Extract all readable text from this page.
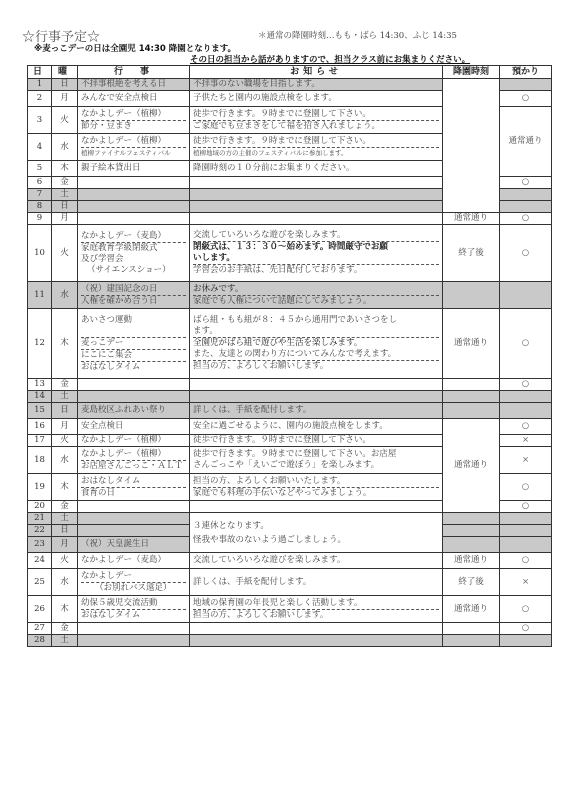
☆行事予定☆	＊通常の降園時刻…もも・ばら 14:30、ふじ 14:35
※麦っこデーの日は全園児 14:30 降園となります。
その日の担当から話がありますので、担当クラス前にお集まりください。
日	曜	行　事	お知らせ	降園時刻	預かり	
1	日	不拝事根絶を考える日	不拝事のない職場を目指します。			

2	月	みんなで安全点検日	子供たちと園内の施設点検をします。		○	
3	火	なかよしデー（植柳）
節分・豆まき	徒歩で行きます。９時までに登園して下さい。
ご家庭でも豆まきをして福を招き入れましょう。		通常通り	
4	水	なかよしデー（植柳）
植柳ファイナルフェスティバル	徒歩で行きます。９時までに登園して下さい。
植柳地域の方の主催のフェスティバルに参加します。

5	木	親子絵本貸出日	降園時刻の１０分前にお集まりください。

6	金				○	
7	土					
8	日					
9	月			通常通り	○	
10	火	なかよしデー（麦島）
家庭教育学級閉級式
及び学習会
（サイエンスショー）	交流していろいろな遊びを楽しみます。
閉級式は、１３：３０～始めます。時間厳守でお願
いします。
学習会のお手紙は、先日配付しております。	終了後	○	
11	水	（祝）建国記念の日
人権を確かめ合う日	お休みです。
家庭でも人権について話題にしてみましょう。			

12	木	あいさつ運動

麦っこデー
にこにこ集会
おはなしタイム	ばら組・もも組が８：４５から通用門であいさつをし
ます。
全園児がばら組で遊びや生活を楽しみます。
また、友達との関わり方についてみんなで考えます。
担当の方、よろしくお願いします。	通常通り	○	
13	金				○	
14	土					
15	日	麦島校区ふれあい祭り	詳しくは、手紙を配付します。			

16	月	安全点検日	安全に過ごせるように、園内の施設点検をします。	通常通り	○	
17	火	なかよしデー（植柳）	徒歩で行きます。９時までに登園して下さい。		×	
18	水	なかよしデー（植柳）
お店屋さんごっこ・ＡＬＴ	徒歩で行きます。９時までに登園して下さい。お店屋
さんごっこや「えいごで遊ぼう」を楽しみます。		×	
19	木	おはなしタイム
食育の日	担当の方、よろしくお願いいたします。
家庭でも料理の手伝いなどやってみましょう。		○	
20	金				○	
21	土		３連休となります。
怪我や事故のないよう過ごしましょう。			

22	日					
23	月	（祝）天皇誕生日				

24	火	なかよしデー（麦島）	交流していろいろな遊びを楽しみます。	通常通り	○	
25	水	なかよしデー
（お別れバス遠足）	詳しくは、手紙を配付します。	終了後	×	
26	木	幼保５歳児交流活動
おはなしタイム	地域の保育園の年長児と楽しく活動します。
担当の方、よろしくお願いします。	通常通り	○	
27	金				○	
28	土					
